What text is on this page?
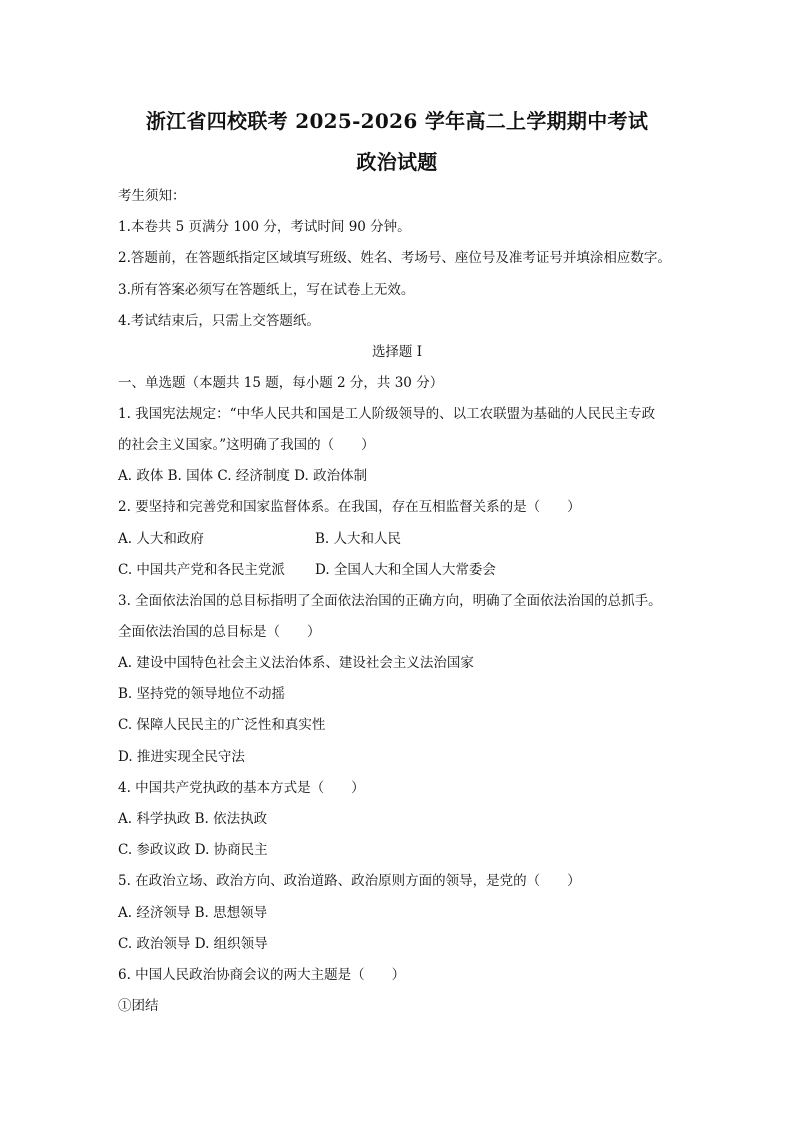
浙江省四校联考 2025-2026 学年高二上学期期中考试
政治试题
考生须知：
1.本卷共 5 页满分 100 分，考试时间 90 分钟。
2.答题前，在答题纸指定区域填写班级、姓名、考场号、座位号及准考证号并填涂相应数字。
3.所有答案必须写在答题纸上，写在试卷上无效。
4.考试结束后，只需上交答题纸。
选择题 I
一、单选题（本题共 15 题，每小题 2 分，共 30 分）
1. 我国宪法规定：“中华人民共和国是工人阶级领导的、以工农联盟为基础的人民民主专政
的社会主义国家。”这明确了我国的（　　）
A. 政体 B. 国体 C. 经济制度 D. 政治体制
2. 要坚持和完善党和国家监督体系。在我国，存在互相监督关系的是（　　）
A. 人大和政府	B. 人大和人民
C. 中国共产党和各民主党派 D. 全国人大和全国人大常委会
3. 全面依法治国的总目标指明了全面依法治国的正确方向，明确了全面依法治国的总抓手。
全面依法治国的总目标是（　　）
A. 建设中国特色社会主义法治体系、建设社会主义法治国家
B. 坚持党的领导地位不动摇
C. 保障人民民主的广泛性和真实性
D. 推进实现全民守法
4. 中国共产党执政的基本方式是（　　）
A. 科学执政 B. 依法执政
C. 参政议政 D. 协商民主
5. 在政治立场、政治方向、政治道路、政治原则方面的领导，是党的（　　）
A. 经济领导 B. 思想领导
C. 政治领导 D. 组织领导
6. 中国人民政治协商会议的两大主题是（　　）
①团结
